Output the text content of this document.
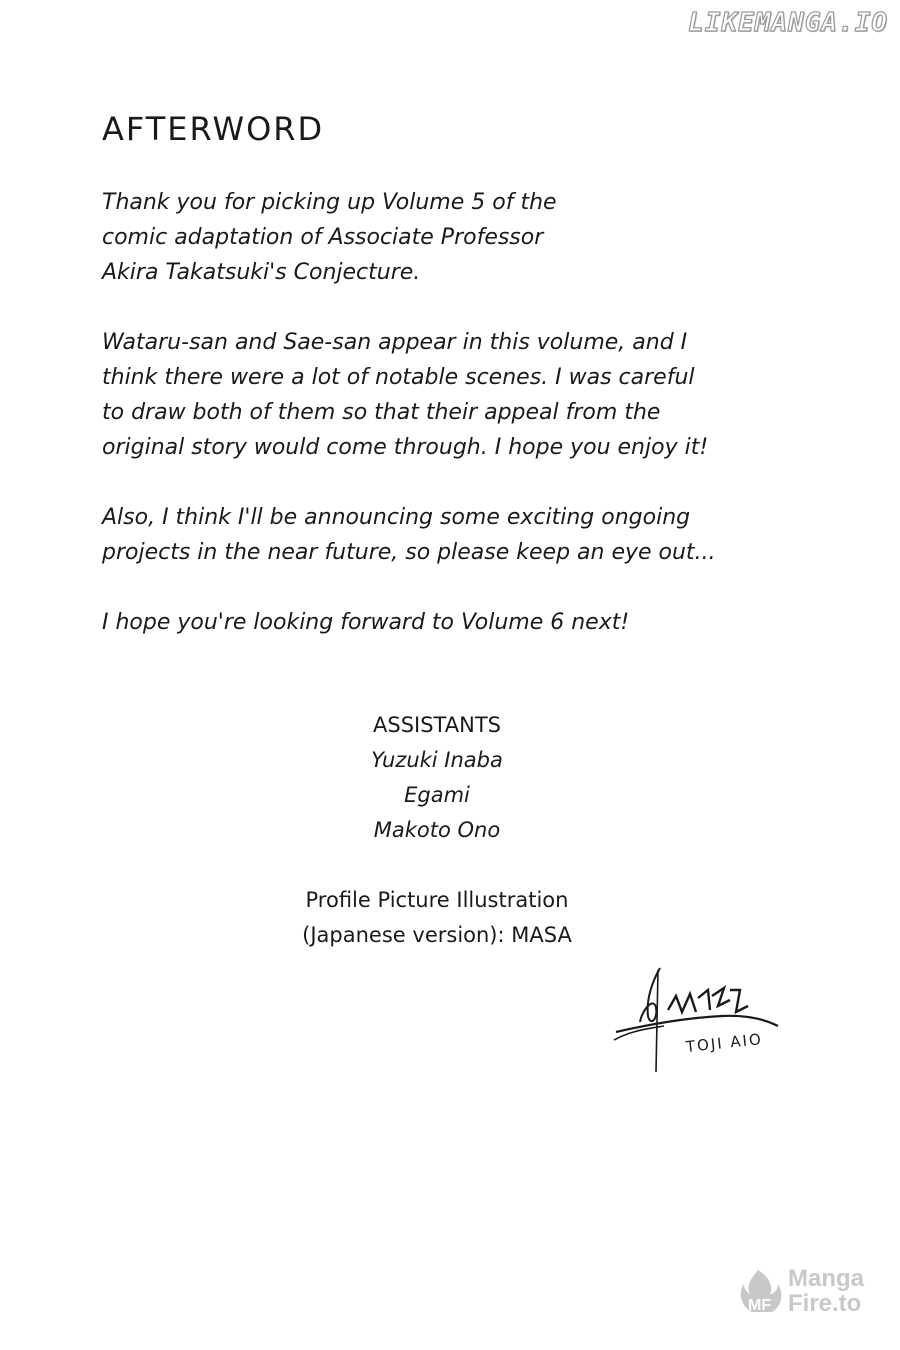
LIKEMANGA.IO
AFTERWORD

Thank you for picking up Volume 5 of the
comic adaptation of Associate Professor
Akira Takatsuki's Conjecture.

Wataru-san and Sae-san appear in this volume, and I
think there were a lot of notable scenes. I was careful
to draw both of them so that their appeal from the
original story would come through. I hope you enjoy it!

Also, I think I'll be announcing some exciting ongoing
projects in the near future, so please keep an eye out...

I hope you're looking forward to Volume 6 next!

ASSISTANTS
Yuzuki Inaba
Egami
Makoto Ono
Profile Picture Illustration
(Japanese version): MASA
TOJI AIO
MF
Manga
Fire.to
